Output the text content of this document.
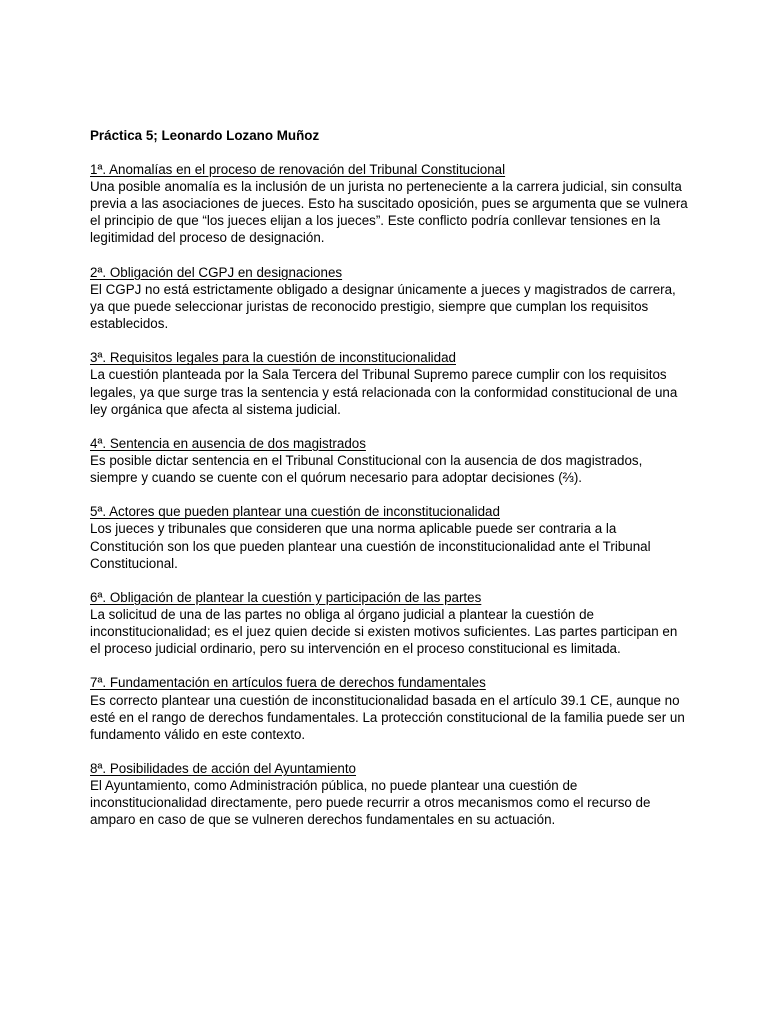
Práctica 5; Leonardo Lozano Muñoz

1ª. Anomalías en el proceso de renovación del Tribunal Constitucional

Una posible anomalía es la inclusión de un jurista no perteneciente a la carrera judicial, sin consulta previa a las asociaciones de jueces. Esto ha suscitado oposición, pues se argumenta que se vulnera el principio de que “los jueces elijan a los jueces”. Este conflicto podría conllevar tensiones en la legitimidad del proceso de designación.

2ª. Obligación del CGPJ en designaciones

El CGPJ no está estrictamente obligado a designar únicamente a jueces y magistrados de carrera, ya que puede seleccionar juristas de reconocido prestigio, siempre que cumplan los requisitos establecidos.

3ª. Requisitos legales para la cuestión de inconstitucionalidad

La cuestión planteada por la Sala Tercera del Tribunal Supremo parece cumplir con los requisitos legales, ya que surge tras la sentencia y está relacionada con la conformidad constitucional de una ley orgánica que afecta al sistema judicial.

4ª. Sentencia en ausencia de dos magistrados

Es posible dictar sentencia en el Tribunal Constitucional con la ausencia de dos magistrados, siempre y cuando se cuente con el quórum necesario para adoptar decisiones (⅔).

5ª. Actores que pueden plantear una cuestión de inconstitucionalidad

Los jueces y tribunales que consideren que una norma aplicable puede ser contraria a la Constitución son los que pueden plantear una cuestión de inconstitucionalidad ante el Tribunal Constitucional.

6ª. Obligación de plantear la cuestión y participación de las partes

La solicitud de una de las partes no obliga al órgano judicial a plantear la cuestión de inconstitucionalidad; es el juez quien decide si existen motivos suficientes. Las partes participan en el proceso judicial ordinario, pero su intervención en el proceso constitucional es limitada.

7ª. Fundamentación en artículos fuera de derechos fundamentales

Es correcto plantear una cuestión de inconstitucionalidad basada en el artículo 39.1 CE, aunque no esté en el rango de derechos fundamentales. La protección constitucional de la familia puede ser un fundamento válido en este contexto.

8ª. Posibilidades de acción del Ayuntamiento

El Ayuntamiento, como Administración pública, no puede plantear una cuestión de inconstitucionalidad directamente, pero puede recurrir a otros mecanismos como el recurso de amparo en caso de que se vulneren derechos fundamentales en su actuación.
